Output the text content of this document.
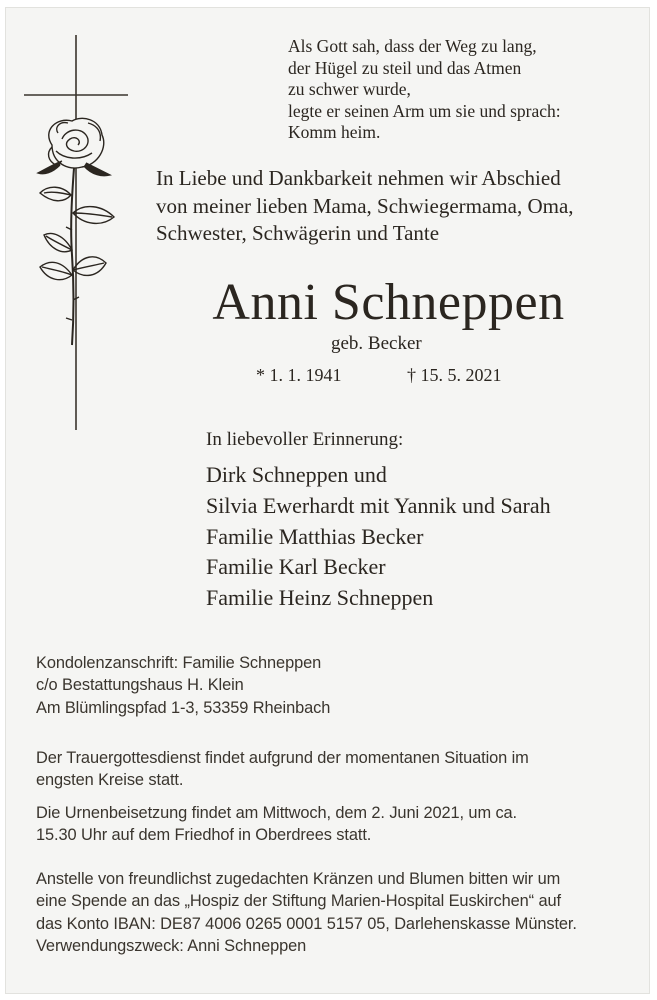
Als Gott sah, dass der Weg zu lang,
der Hügel zu steil und das Atmen
zu schwer wurde,
legte er seinen Arm um sie und sprach:
Komm heim.
In Liebe und Dankbarkeit nehmen wir Abschied
von meiner lieben Mama, Schwiegermama, Oma,
Schwester, Schwägerin und Tante
Anni Schneppen
geb. Becker
* 1. 1. 1941	† 15. 5. 2021
In liebevoller Erinnerung:
Dirk Schneppen und
Silvia Ewerhardt mit Yannik und Sarah
Familie Matthias Becker
Familie Karl Becker
Familie Heinz Schneppen
Kondolenzanschrift: Familie Schneppen
c/o Bestattungshaus H. Klein
Am Blümlingspfad 1-3, 53359 Rheinbach
Der Trauergottesdienst findet aufgrund der momentanen Situation im
engsten Kreise statt.
Die Urnenbeisetzung findet am Mittwoch, dem 2. Juni 2021, um ca.
15.30 Uhr auf dem Friedhof in Oberdrees statt.
Anstelle von freundlichst zugedachten Kränzen und Blumen bitten wir um
eine Spende an das „Hospiz der Stiftung Marien-Hospital Euskirchen“ auf
das Konto IBAN: DE87 4006 0265 0001 5157 05, Darlehenskasse Münster.
Verwendungszweck: Anni Schneppen
